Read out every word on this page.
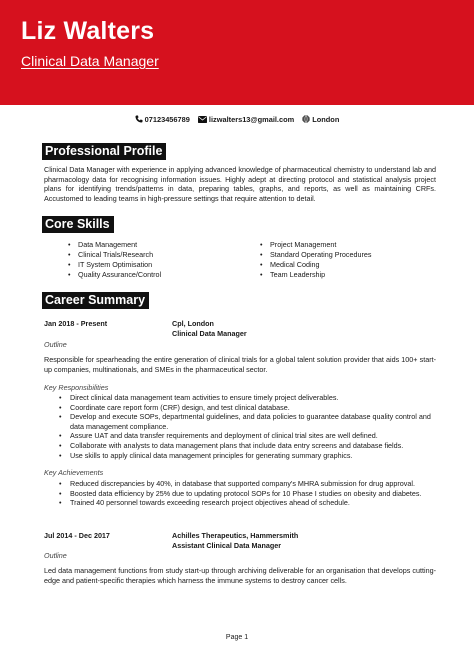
Liz Walters
Clinical Data Manager
07123456789	lizwalters13@gmail.com London
Professional Profile

Clinical Data Manager with experience in applying advanced knowledge of pharmaceutical chemistry to understand lab and pharmacology data for recognising information issues. Highly adept at directing protocol and statistical analysis project plans for identifying trends/patterns in data, preparing tables, graphs, and reports, as well as maintaining CRFs. Accustomed to leading teams in high-pressure settings that require attention to detail.

Core Skills
• Data Management
• Clinical Trials/Research
• IT System Optimisation
• Quality Assurance/Control
• Project Management
• Standard Operating Procedures
• Medical Coding
• Team Leadership
Career Summary
Jan 2018 - Present	Cpl, London
Clinical Data Manager
Outline

Responsible for spearheading the entire generation of clinical trials for a global talent solution provider that aids 100+ start-up companies, multinationals, and SMEs in the pharmaceutical sector.

Key Responsibilities
• Direct clinical data management team activities to ensure timely project deliverables.
• Coordinate care report form (CRF) design, and test clinical database.
• Develop and execute SOPs, departmental guidelines, and data policies to guarantee database quality control and data management compliance.
• Assure UAT and data transfer requirements and deployment of clinical trial sites are well defined.
• Collaborate with analysts to data management plans that include data entry screens and database fields.
• Use skills to apply clinical data management principles for generating summary graphics.
Key Achievements
• Reduced discrepancies by 40%, in database that supported company's MHRA submission for drug approval.
• Boosted data efficiency by 25% due to updating protocol SOPs for 10 Phase I studies on obesity and diabetes.
• Trained 40 personnel towards exceeding research project objectives ahead of schedule.
Jul 2014 - Dec 2017	Achilles Therapeutics, Hammersmith
Assistant Clinical Data Manager
Outline

Led data management functions from study start-up through archiving deliverable for an organisation that develops cutting-edge and patient-specific therapies which harness the immune systems to destroy cancer cells.

Page 1
